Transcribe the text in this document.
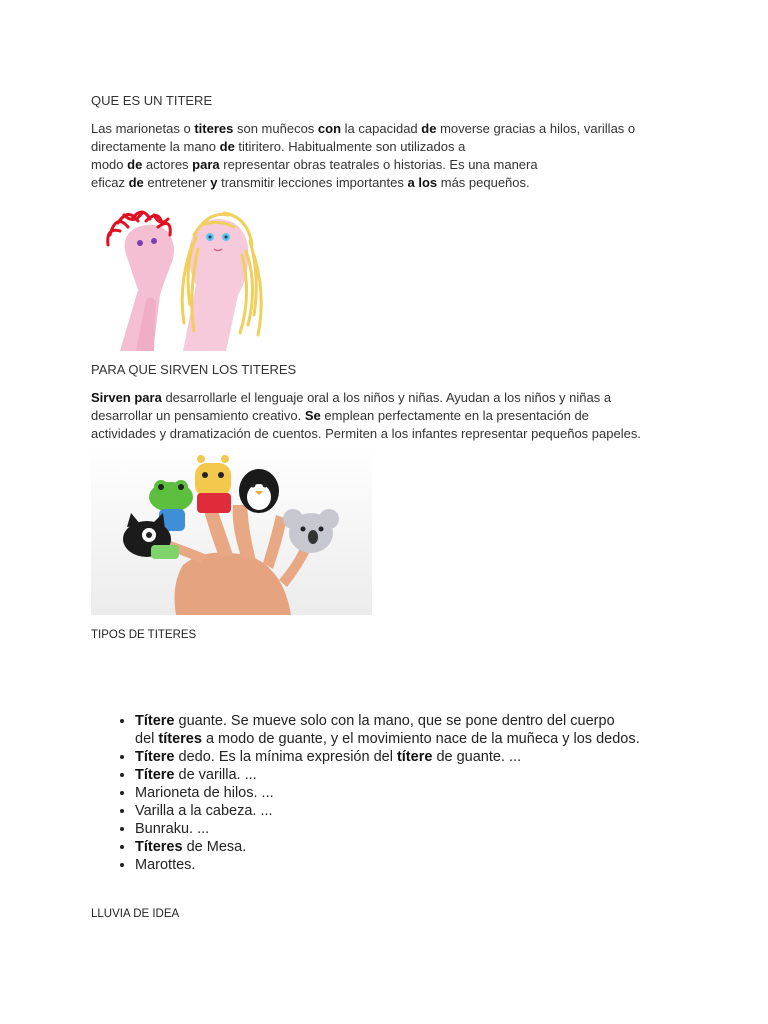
QUE ES UN TITERE

Las marionetas o titeres son muñecos con la capacidad de moverse gracias a hilos, varillas o
directamente la mano de titiritero. Habitualmente son utilizados a
modo de actores para representar obras teatrales o historias. Es una manera
eficaz de entretener y transmitir lecciones importantes a los más pequeños.

PARA QUE SIRVEN LOS TITERES

Sirven para desarrollarle el lenguaje oral a los niños y niñas. Ayudan a los niños y niñas a
desarrollar un pensamiento creativo. Se emplean perfectamente en la presentación de
actividades y dramatización de cuentos. Permiten a los infantes representar pequeños papeles.

TIPOS DE TITERES
• Títere guante. Se mueve solo con la mano, que se pone dentro del cuerpo
del títeres a modo de guante, y el movimiento nace de la muñeca y los dedos.
• Títere dedo. Es la mínima expresión del títere de guante. ...
• Títere de varilla. ...
• Marioneta de hilos. ...
• Varilla a la cabeza. ...
• Bunraku. ...
• Títeres de Mesa.
• Marottes.
LLUVIA DE IDEA
